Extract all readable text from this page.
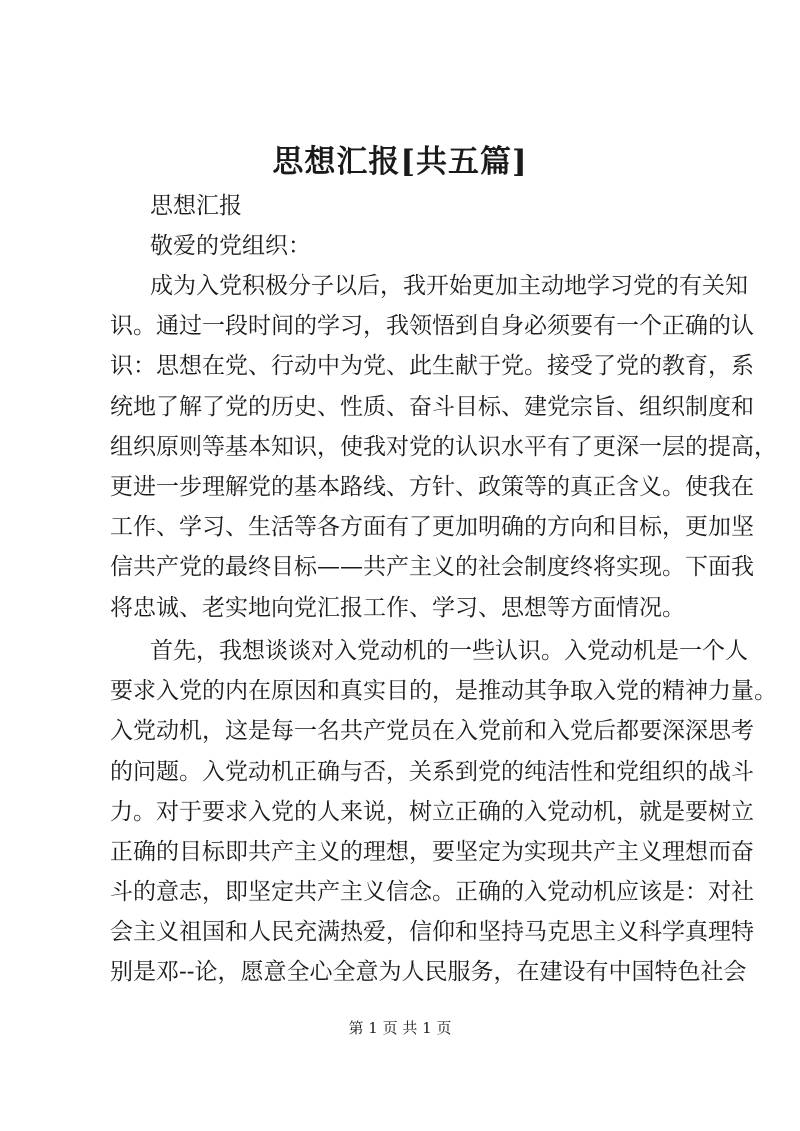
思想汇报[共五篇]
思想汇报
敬爱的党组织：
成为入党积极分子以后，我开始更加主动地学习党的有关知
识。通过一段时间的学习，我领悟到自身必须要有一个正确的认
识：思想在党、行动中为党、此生献于党。接受了党的教育，系
统地了解了党的历史、性质、奋斗目标、建党宗旨、组织制度和
组织原则等基本知识，使我对党的认识水平有了更深一层的提高，
更进一步理解党的基本路线、方针、政策等的真正含义。使我在
工作、学习、生活等各方面有了更加明确的方向和目标，更加坚
信共产党的最终目标——共产主义的社会制度终将实现。下面我
将忠诚、老实地向党汇报工作、学习、思想等方面情况。
首先，我想谈谈对入党动机的一些认识。入党动机是一个人
要求入党的内在原因和真实目的，是推动其争取入党的精神力量。
入党动机，这是每一名共产党员在入党前和入党后都要深深思考
的问题。入党动机正确与否，关系到党的纯洁性和党组织的战斗
力。对于要求入党的人来说，树立正确的入党动机，就是要树立
正确的目标即共产主义的理想，要坚定为实现共产主义理想而奋
斗的意志，即坚定共产主义信念。正确的入党动机应该是：对社
会主义祖国和人民充满热爱，信仰和坚持马克思主义科学真理特
别是邓--论，愿意全心全意为人民服务，在建设有中国特色社会
第 1 页 共 1 页
